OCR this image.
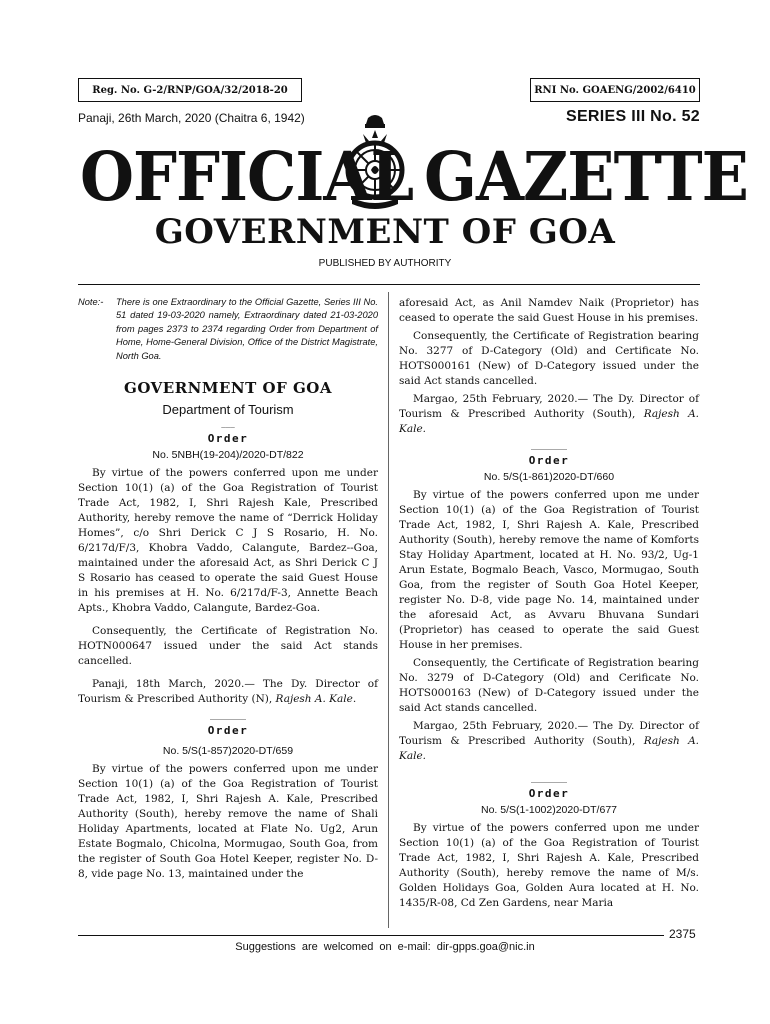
Reg. No. G-2/RNP/GOA/32/2018-20	RNI No. GOAENG/2002/6410
Panaji, 26th March, 2020 (Chaitra 6, 1942)	SERIES III No. 52
OFFICIAL GAZETTE
GOVERNMENT OF GOA
PUBLISHED BY AUTHORITY
Note:-	There is one Extraordinary to the Official Gazette, Series III No. 51 dated 19-03-2020 namely, Extraordinary dated 21-03-2020 from pages 2373 to 2374 regarding Order from Department of Home, Home-General Division, Office of the District Magistrate, North Goa.
GOVERNMENT OF GOA
Department of Tourism
___
Order
No. 5NBH(19-204)/2020-DT/822

By virtue of the powers conferred upon me under Section 10(1) (a) of the Goa Registration of Tourist Trade Act, 1982, I, Shri Rajesh Kale, Prescribed Authority, hereby remove the name of “Derrick Holiday Homes”, c/o Shri Derick C J S Rosario, H. No. 6/217d/F/3, Khobra Vaddo, Calangute, Bardez--Goa, maintained under the aforesaid Act, as Shri Derick C J S Rosario has ceased to operate the said Guest House in his premises at H. No. 6/217d/F-3, Annette Beach Apts., Khobra Vaddo, Calangute, Bardez-Goa.

Consequently, the Certificate of Registration No. HOTN000647 issued under the said Act stands cancelled.

Panaji, 18th March, 2020.— The Dy. Director of Tourism & Prescribed Authority (N), Rajesh A. Kale.

________
Order
No. 5/S(1-857)2020-DT/659

By virtue of the powers conferred upon me under Section 10(1) (a) of the Goa Registration of Tourist Trade Act, 1982, I, Shri Rajesh A. Kale, Prescribed Authority (South), hereby remove the name of Shali Holiday Apartments, located at Flate No. Ug2, Arun Estate Bogmalo, Chicolna, Mormugao, South Goa, from the register of South Goa Hotel Keeper, register No. D-8, vide page No. 13, maintained under the

aforesaid Act, as Anil Namdev Naik (Proprietor) has ceased to operate the said Guest House in his premises.

Consequently, the Certificate of Registration bearing No. 3277 of D-Category (Old) and Certificate No. HOTS000161 (New) of D-Category issued under the said Act stands cancelled.

Margao, 25th February, 2020.— The Dy. Director of Tourism & Prescribed Authority (South), Rajesh A. Kale.

________
Order
No. 5/S(1-861)2020-DT/660

By virtue of the powers conferred upon me under Section 10(1) (a) of the Goa Registration of Tourist Trade Act, 1982, I, Shri Rajesh A. Kale, Prescribed Authority (South), hereby remove the name of Komforts Stay Holiday Apartment, located at H. No. 93/2, Ug-1 Arun Estate, Bogmalo Beach, Vasco, Mormugao, South Goa, from the register of South Goa Hotel Keeper, register No. D-8, vide page No. 14, maintained under the aforesaid Act, as Avvaru Bhuvana Sundari (Proprietor) has ceased to operate the said Guest House in her premises.

Consequently, the Certificate of Registration bearing No. 3279 of D-Category (Old) and Cerificate No. HOTS000163 (New) of D-Category issued under the said Act stands cancelled.

Margao, 25th February, 2020.— The Dy. Director of Tourism & Prescribed Authority (South), Rajesh A. Kale.

________
Order
No. 5/S(1-1002)2020-DT/677

By virtue of the powers conferred upon me under Section 10(1) (a) of the Goa Registration of Tourist Trade Act, 1982, I, Shri Rajesh A. Kale, Prescribed Authority (South), hereby remove the name of M/s. Golden Holidays Goa, Golden Aura located at H. No. 1435/R-08, Cd Zen Gardens, near Maria

2375
Suggestions are welcomed on e-mail: dir-gpps.goa@nic.in
